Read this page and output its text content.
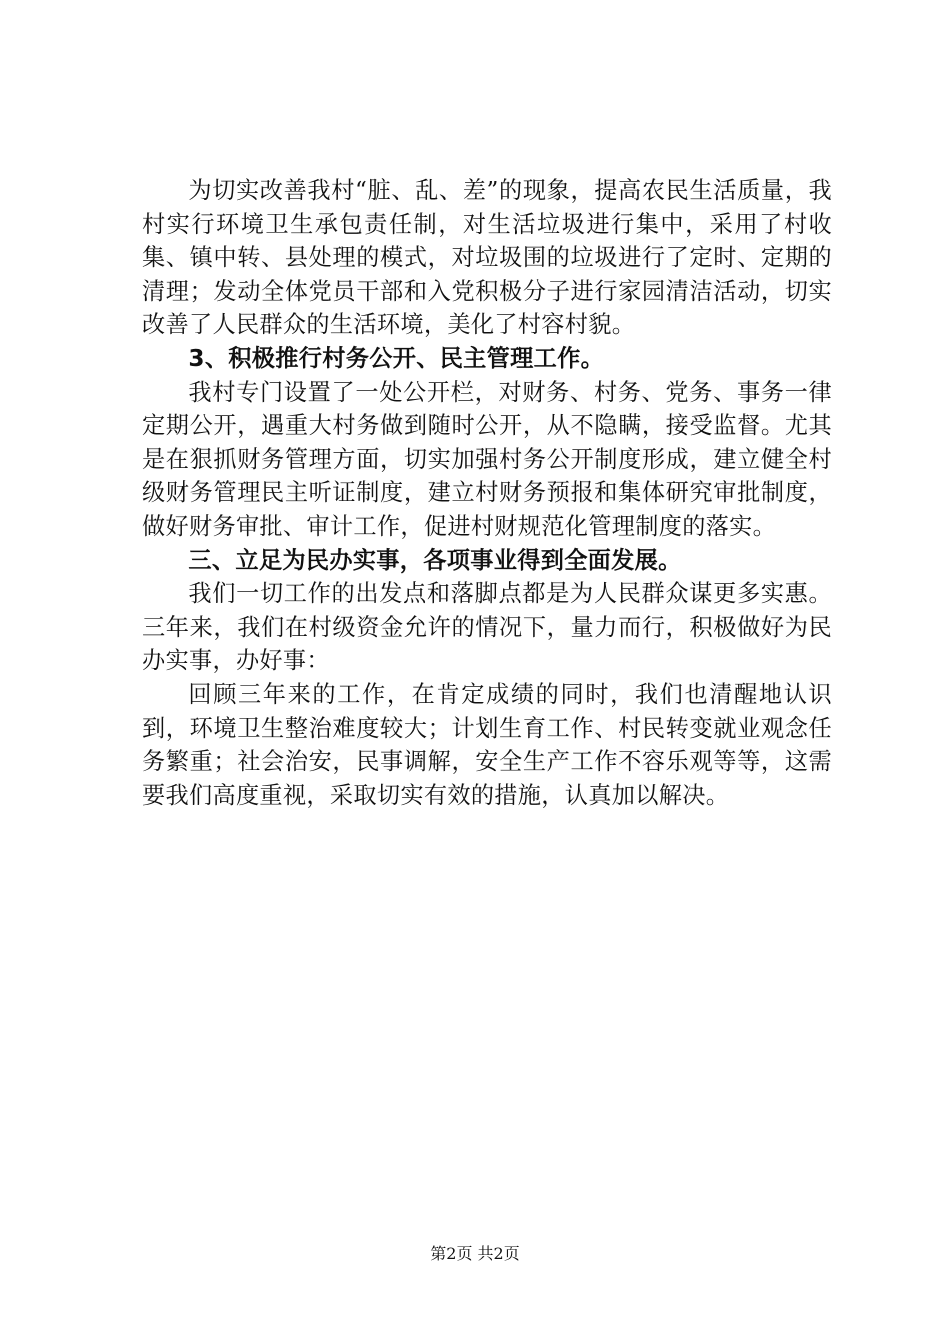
为切实改善我村“脏、乱、差”的现象，提高农民生活质量，我村实行环境卫生承包责任制，对生活垃圾进行集中，采用了村收集、镇中转、县处理的模式，对垃圾围的垃圾进行了定时、定期的清理；发动全体党员干部和入党积极分子进行家园清洁活动，切实改善了人民群众的生活环境，美化了村容村貌。

3、积极推行村务公开、民主管理工作。

我村专门设置了一处公开栏，对财务、村务、党务、事务一律定期公开，遇重大村务做到随时公开，从不隐瞒，接受监督。尤其是在狠抓财务管理方面，切实加强村务公开制度形成，建立健全村级财务管理民主听证制度，建立村财务预报和集体研究审批制度，做好财务审批、审计工作，促进村财规范化管理制度的落实。

三、立足为民办实事，各项事业得到全面发展。

我们一切工作的出发点和落脚点都是为人民群众谋更多实惠。三年来，我们在村级资金允许的情况下，量力而行，积极做好为民办实事，办好事：

回顾三年来的工作，在肯定成绩的同时，我们也清醒地认识到，环境卫生整治难度较大；计划生育工作、村民转变就业观念任务繁重；社会治安，民事调解，安全生产工作不容乐观等等，这需要我们高度重视，采取切实有效的措施，认真加以解决。

第2页 共2页
